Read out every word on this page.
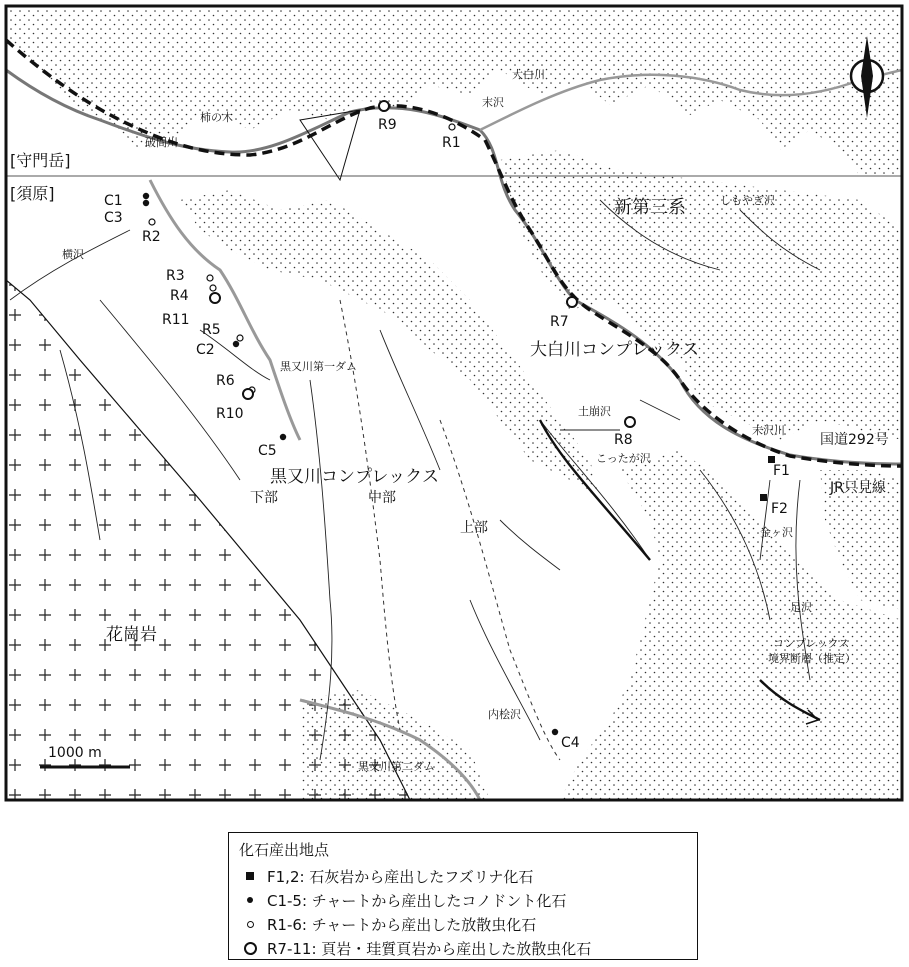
N
1000 m
[守門岳]
[須原]
新第三系
大白川コンプレックス
黒又川コンプレックス
花崗岩
下部	中部
上部
コンプレックス
境界断層（推定）
大白川
末沢
柿の木
破間川
しもやぎ沢
横沢
黒又川第一ダム
土崩沢
こったが沢
末沢川
国道292号
JR只見線
金ヶ沢
足沢
内桧沢
黒又川第二ダム
F1
F2
C1
C3
C2
C5
C4
R1
R2
R3
R4
R5
R6
R7
R8
R9
R10
R11
化石産出地点
F1,2: 石灰岩から産出したフズリナ化石
C1-5: チャートから産出したコノドント化石
R1-6: チャートから産出した放散虫化石
R7-11: 頁岩・珪質頁岩から産出した放散虫化石
